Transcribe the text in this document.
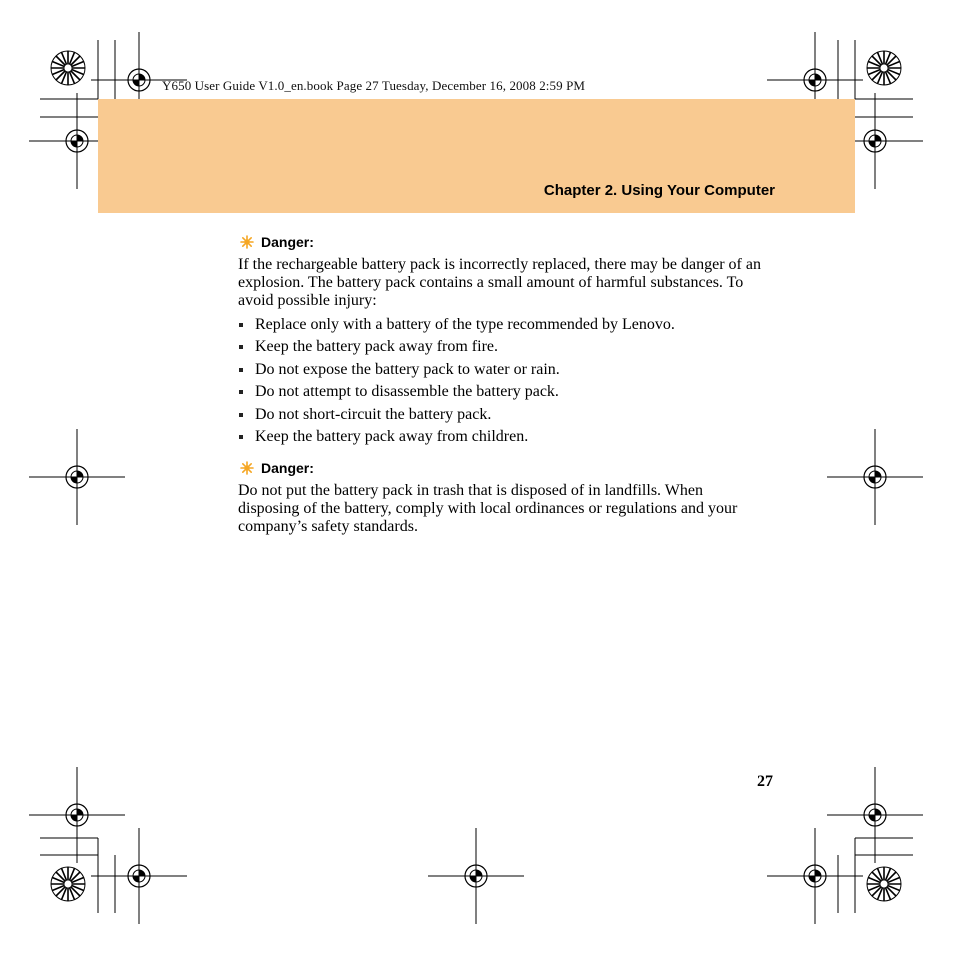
Y650 User Guide V1.0_en.book Page 27 Tuesday, December 16, 2008 2:59 PM
Chapter 2. Using Your Computer
Danger:

If the rechargeable battery pack is incorrectly replaced, there may be danger of an explosion. The battery pack contains a small amount of harmful substances. To avoid possible injury:

Replace only with a battery of the type recommended by Lenovo.
Keep the battery pack away from fire.
Do not expose the battery pack to water or rain.
Do not attempt to disassemble the battery pack.
Do not short-circuit the battery pack.
Keep the battery pack away from children.
Danger:

Do not put the battery pack in trash that is disposed of in landfills. When disposing of the battery, comply with local ordinances or regulations and your company’s safety standards.

27
